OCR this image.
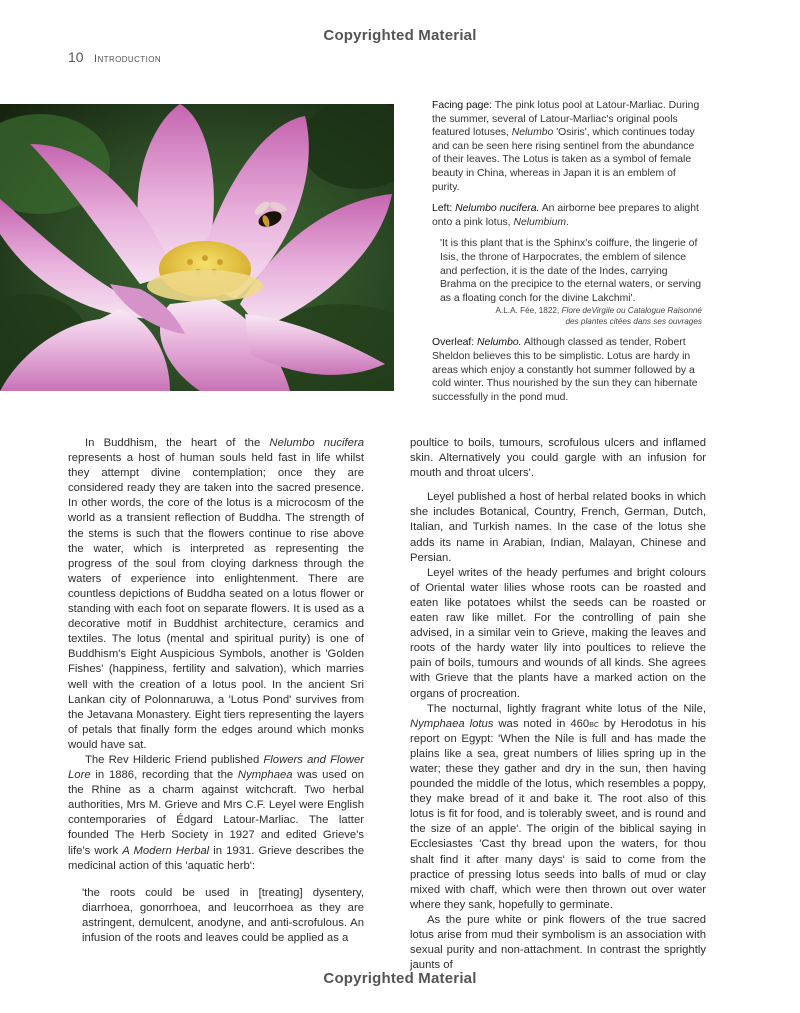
Copyrighted Material
10 Introduction

Facing page: The pink lotus pool at Latour-Marliac. During the summer, several of Latour-Marliac's original pools featured lotuses, Nelumbo 'Osiris', which continues today and can be seen here rising sentinel from the abundance of their leaves. The Lotus is taken as a symbol of female beauty in China, whereas in Japan it is an emblem of purity.

Left: Nelumbo nucifera. An airborne bee prepares to alight onto a pink lotus, Nelumbium.

'It is this plant that is the Sphinx's coiffure, the lingerie of Isis, the throne of Harpocrates, the emblem of silence and perfection, it is the date of the Indes, carrying Brahma on the precipice to the eternal waters, or serving as a floating conch for the divine Lakchmi'.

A.L.A. Fée, 1822, Flore deVirgile ou Catalogue Raisonné
des plantes citées dans ses ouvrages

Overleaf: Nelumbo. Although classed as tender, Robert Sheldon believes this to be simplistic. Lotus are hardy in areas which enjoy a constantly hot summer followed by a cold winter. Thus nourished by the sun they can hibernate successfully in the pond mud.

In Buddhism, the heart of the Nelumbo nucifera represents a host of human souls held fast in life whilst they attempt divine contemplation; once they are considered ready they are taken into the sacred presence. In other words, the core of the lotus is a microcosm of the world as a transient reflection of Buddha. The strength of the stems is such that the flowers continue to rise above the water, which is interpreted as representing the progress of the soul from cloying darkness through the waters of experience into enlightenment. There are countless depictions of Buddha seated on a lotus flower or standing with each foot on separate flowers. It is used as a decorative motif in Buddhist architecture, ceramics and textiles. The lotus (mental and spiritual purity) is one of Buddhism's Eight Auspicious Symbols, another is 'Golden Fishes' (happiness, fertility and salvation), which marries well with the creation of a lotus pool. In the ancient Sri Lankan city of Polonnaruwa, a 'Lotus Pond' survives from the Jetavana Monastery. Eight tiers representing the layers of petals that finally form the edges around which monks would have sat.

The Rev Hilderic Friend published Flowers and Flower Lore in 1886, recording that the Nymphaea was used on the Rhine as a charm against witchcraft. Two herbal authorities, Mrs M. Grieve and Mrs C.F. Leyel were English contemporaries of Édgard Latour-Marliac. The latter founded The Herb Society in 1927 and edited Grieve's life's work A Modern Herbal in 1931. Grieve describes the medicinal action of this 'aquatic herb':

'the roots could be used in [treating] dysentery, diarrhoea, gonorrhoea, and leucorrhoea as they are astringent, demulcent, anodyne, and anti-scrofulous. An infusion of the roots and leaves could be applied as a
poultice to boils, tumours, scrofulous ulcers and inflamed skin. Alternatively you could gargle with an infusion for mouth and throat ulcers'.

Leyel published a host of herbal related books in which she includes Botanical, Country, French, German, Dutch, Italian, and Turkish names. In the case of the lotus she adds its name in Arabian, Indian, Malayan, Chinese and Persian.

Leyel writes of the heady perfumes and bright colours of Oriental water lilies whose roots can be roasted and eaten like potatoes whilst the seeds can be roasted or eaten raw like millet. For the controlling of pain she advised, in a similar vein to Grieve, making the leaves and roots of the hardy water lily into poultices to relieve the pain of boils, tumours and wounds of all kinds. She agrees with Grieve that the plants have a marked action on the organs of procreation.

The nocturnal, lightly fragrant white lotus of the Nile, Nymphaea lotus was noted in 460bc by Herodotus in his report on Egypt: 'When the Nile is full and has made the plains like a sea, great numbers of lilies spring up in the water; these they gather and dry in the sun, then having pounded the middle of the lotus, which resembles a poppy, they make bread of it and bake it. The root also of this lotus is fit for food, and is tolerably sweet, and is round and the size of an apple'. The origin of the biblical saying in Ecclesiastes 'Cast thy bread upon the waters, for thou shalt find it after many days' is said to come from the practice of pressing lotus seeds into balls of mud or clay mixed with chaff, which were then thrown out over water where they sank, hopefully to germinate.

As the pure white or pink flowers of the true sacred lotus arise from mud their symbolism is an association with sexual purity and non-attachment. In contrast the sprightly jaunts of

Copyrighted Material
